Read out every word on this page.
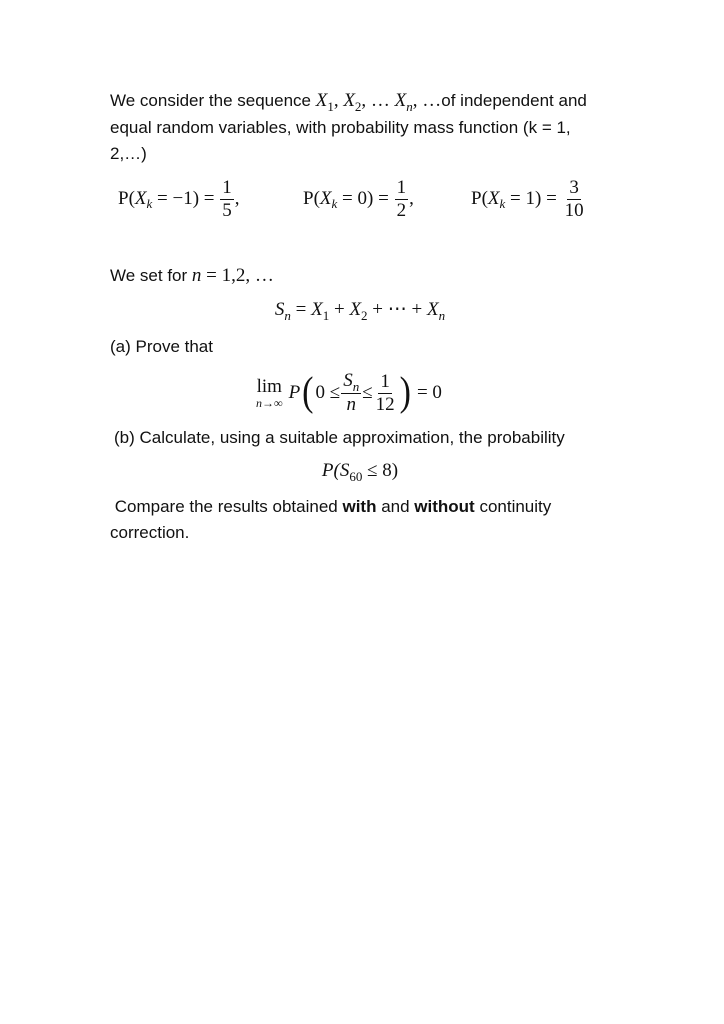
We consider the sequence $X_1$, $X_2$, … $X_n$, …of independent and equal random variables, with probability mass function (k = 1, 2,…)
P( X $k = -1) = \frac{1}{5}$ ,	P( X $k = 0) = \frac{1}{2}$ ,	P( X $k = 1) = \frac{3}{10}$
We set for n = 1,2, …
$S_n = X_1 + X_2$ + ⋯ + $X_n$
(a) Prove that
lim
n→∞ P ( $0 \le \frac{S_n}{n} \le \frac{1}{12}$ ) = 0
(b) Calculate, using a suitable approximation, the probability
$P(S_{60} \le 8)$
Compare the results obtained with and without continuity correction.
